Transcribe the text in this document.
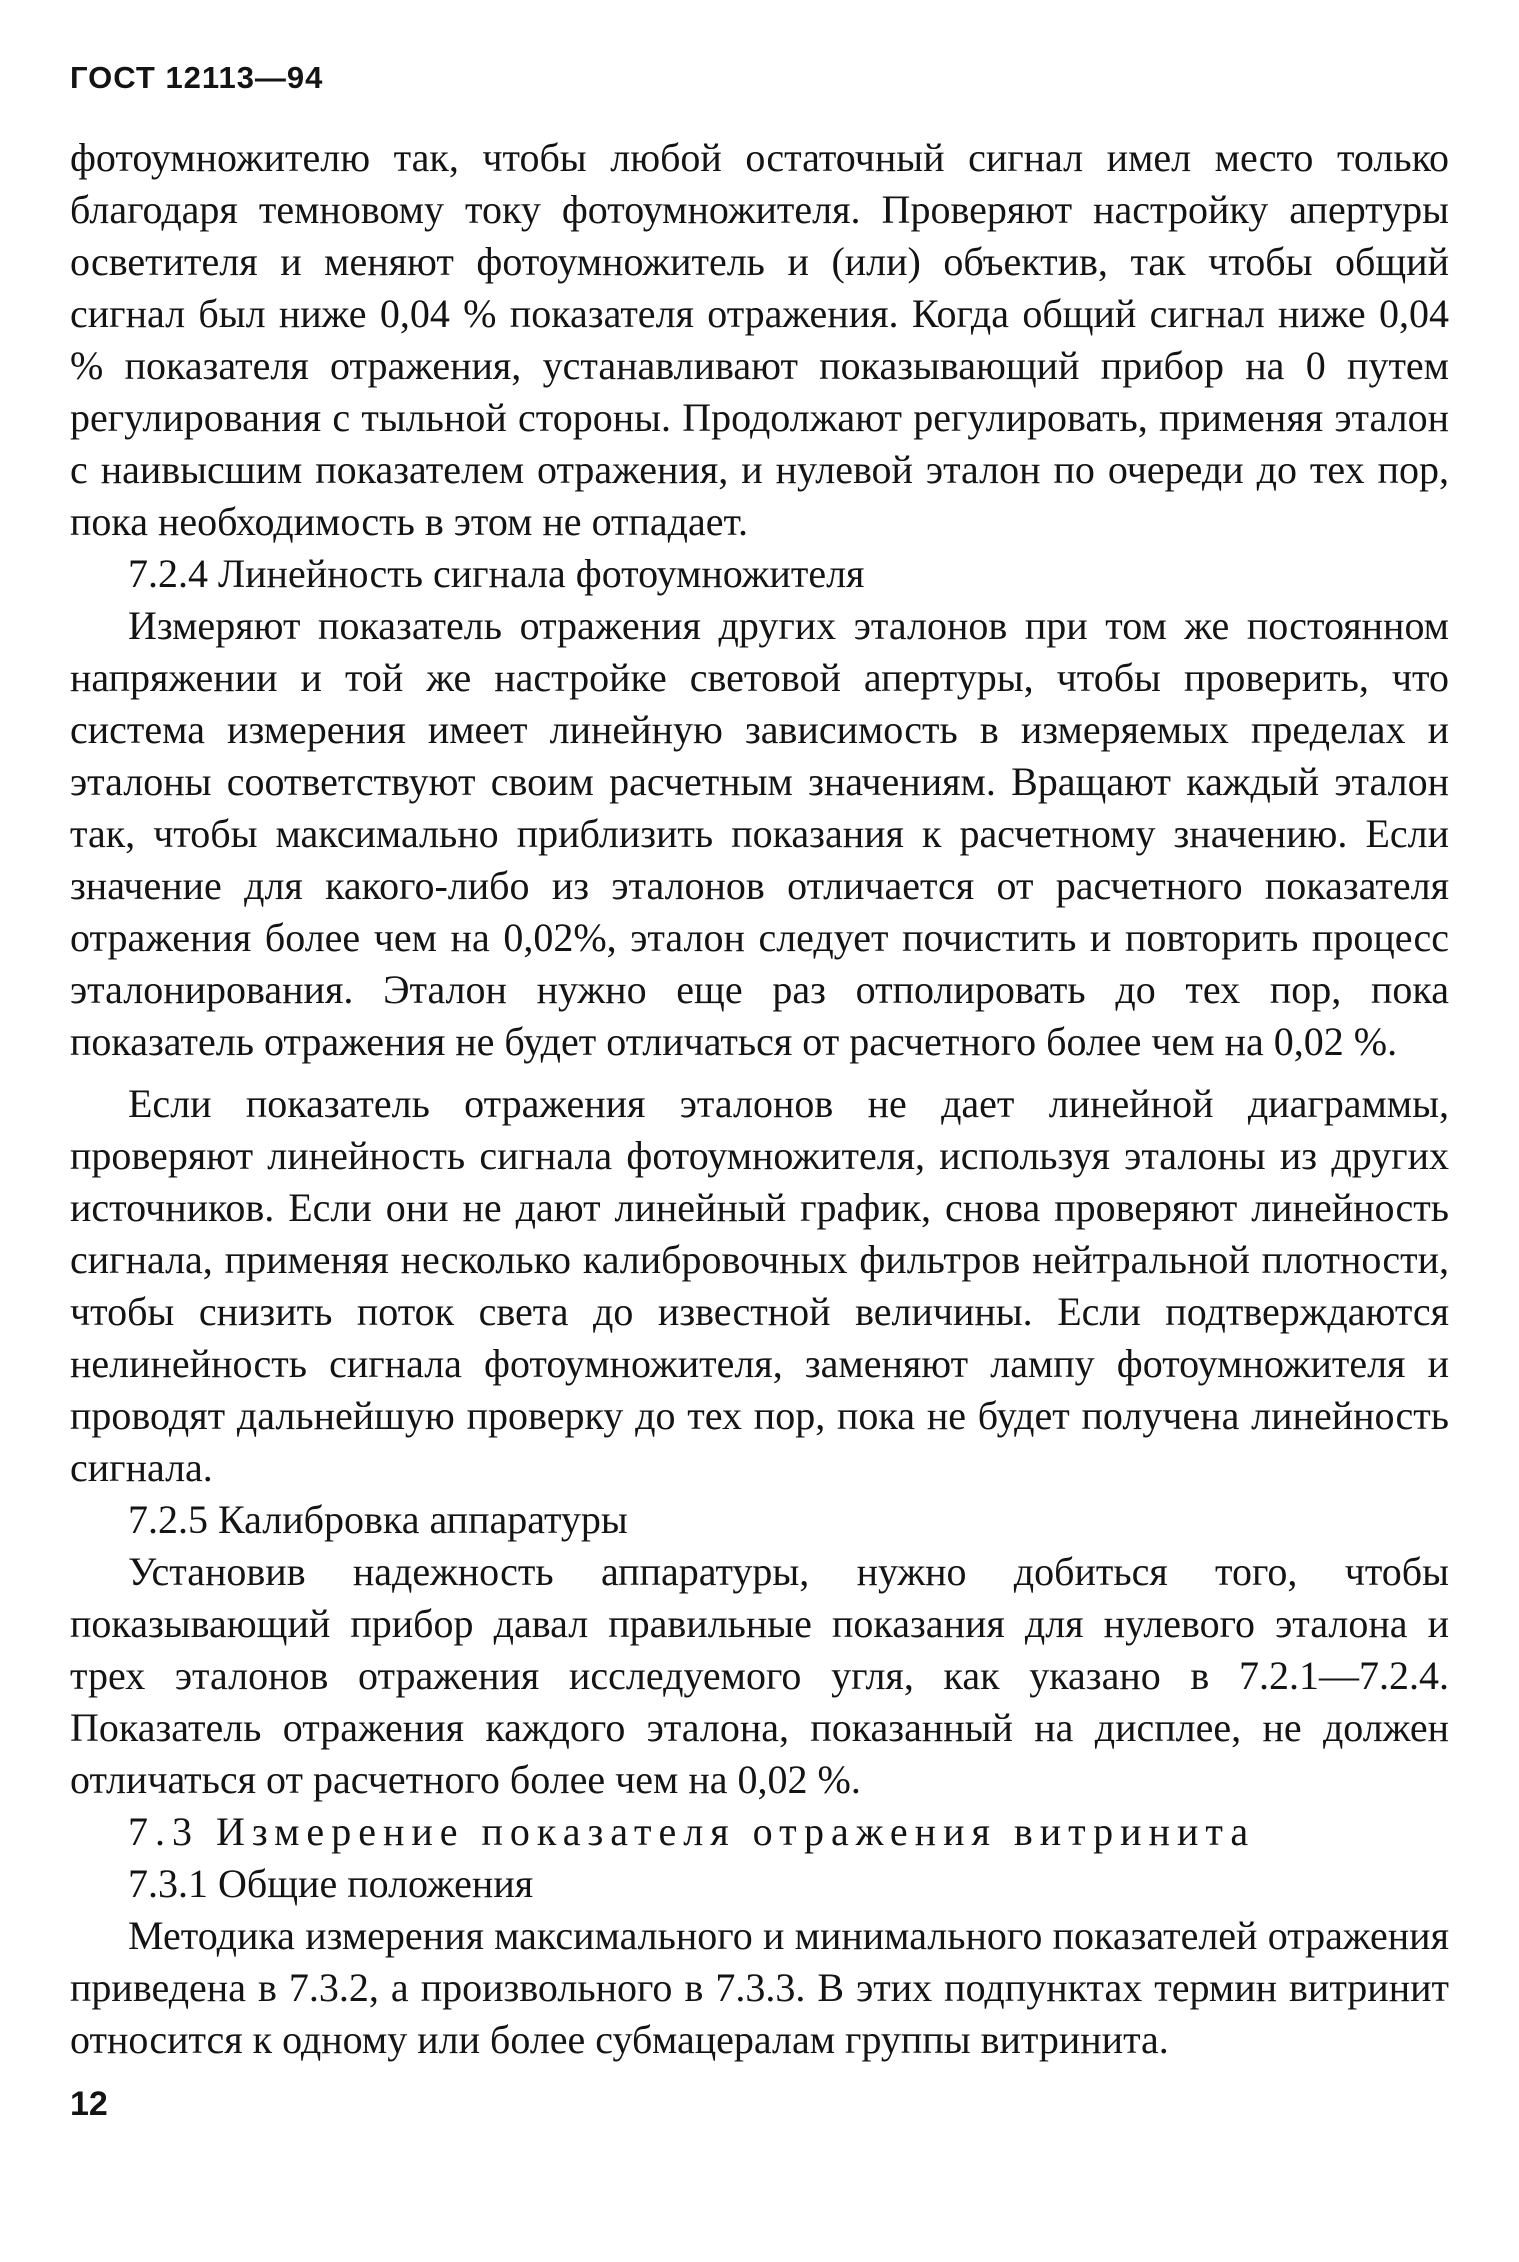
ГОСТ 12113—94

фотоумножителю так, чтобы любой остаточный сигнал имел место только благодаря темновому току фотоумножителя. Проверяют настройку апертуры осветителя и меняют фотоумножитель и (или) объектив, так чтобы общий сигнал был ниже 0,04 % показателя отражения. Когда общий сигнал ниже 0,04 % показателя отражения, устанавливают показывающий прибор на 0 путем регулирования с тыльной стороны. Продолжают регулировать, применяя эталон с наивысшим показателем отражения, и нулевой эталон по очереди до тех пор, пока необходимость в этом не отпадает.

7.2.4 Линейность сигнала фотоумножителя

Измеряют показатель отражения других эталонов при том же постоянном напряжении и той же настройке световой апертуры, чтобы проверить, что система измерения имеет линейную зависимость в измеряемых пределах и эталоны соответствуют своим расчетным значениям. Вращают каждый эталон так, чтобы максимально приблизить показания к расчетному значению. Если значение для какого-либо из эталонов отличается от расчетного показателя отражения более чем на 0,02%, эталон следует почистить и повторить процесс эталонирования. Эталон нужно еще раз отполировать до тех пор, пока показатель отражения не будет отличаться от расчетного более чем на 0,02 %.

Если показатель отражения эталонов не дает линейной диаграммы, проверяют линейность сигнала фотоумножителя, используя эталоны из других источников. Если они не дают линейный график, снова проверяют линейность сигнала, применяя несколько калибровочных фильтров нейтральной плотности, чтобы снизить поток света до известной величины. Если подтверждаются нелинейность сигнала фотоумножителя, заменяют лампу фотоумножителя и проводят дальнейшую проверку до тех пор, пока не будет получена линейность сигнала.

7.2.5 Калибровка аппаратуры

Установив надежность аппаратуры, нужно добиться того, чтобы показывающий прибор давал правильные показания для нулевого эталона и трех эталонов отражения исследуемого угля, как указано в 7.2.1—7.2.4. Показатель отражения каждого эталона, показанный на дисплее, не должен отличаться от расчетного более чем на 0,02 %.

7.3 Измерение показателя отражения витринита

7.3.1 Общие положения

Методика измерения максимального и минимального показателей отражения приведена в 7.3.2, а произвольного в 7.3.3. В этих подпунктах термин витринит относится к одному или более субмацералам группы витринита.

12
